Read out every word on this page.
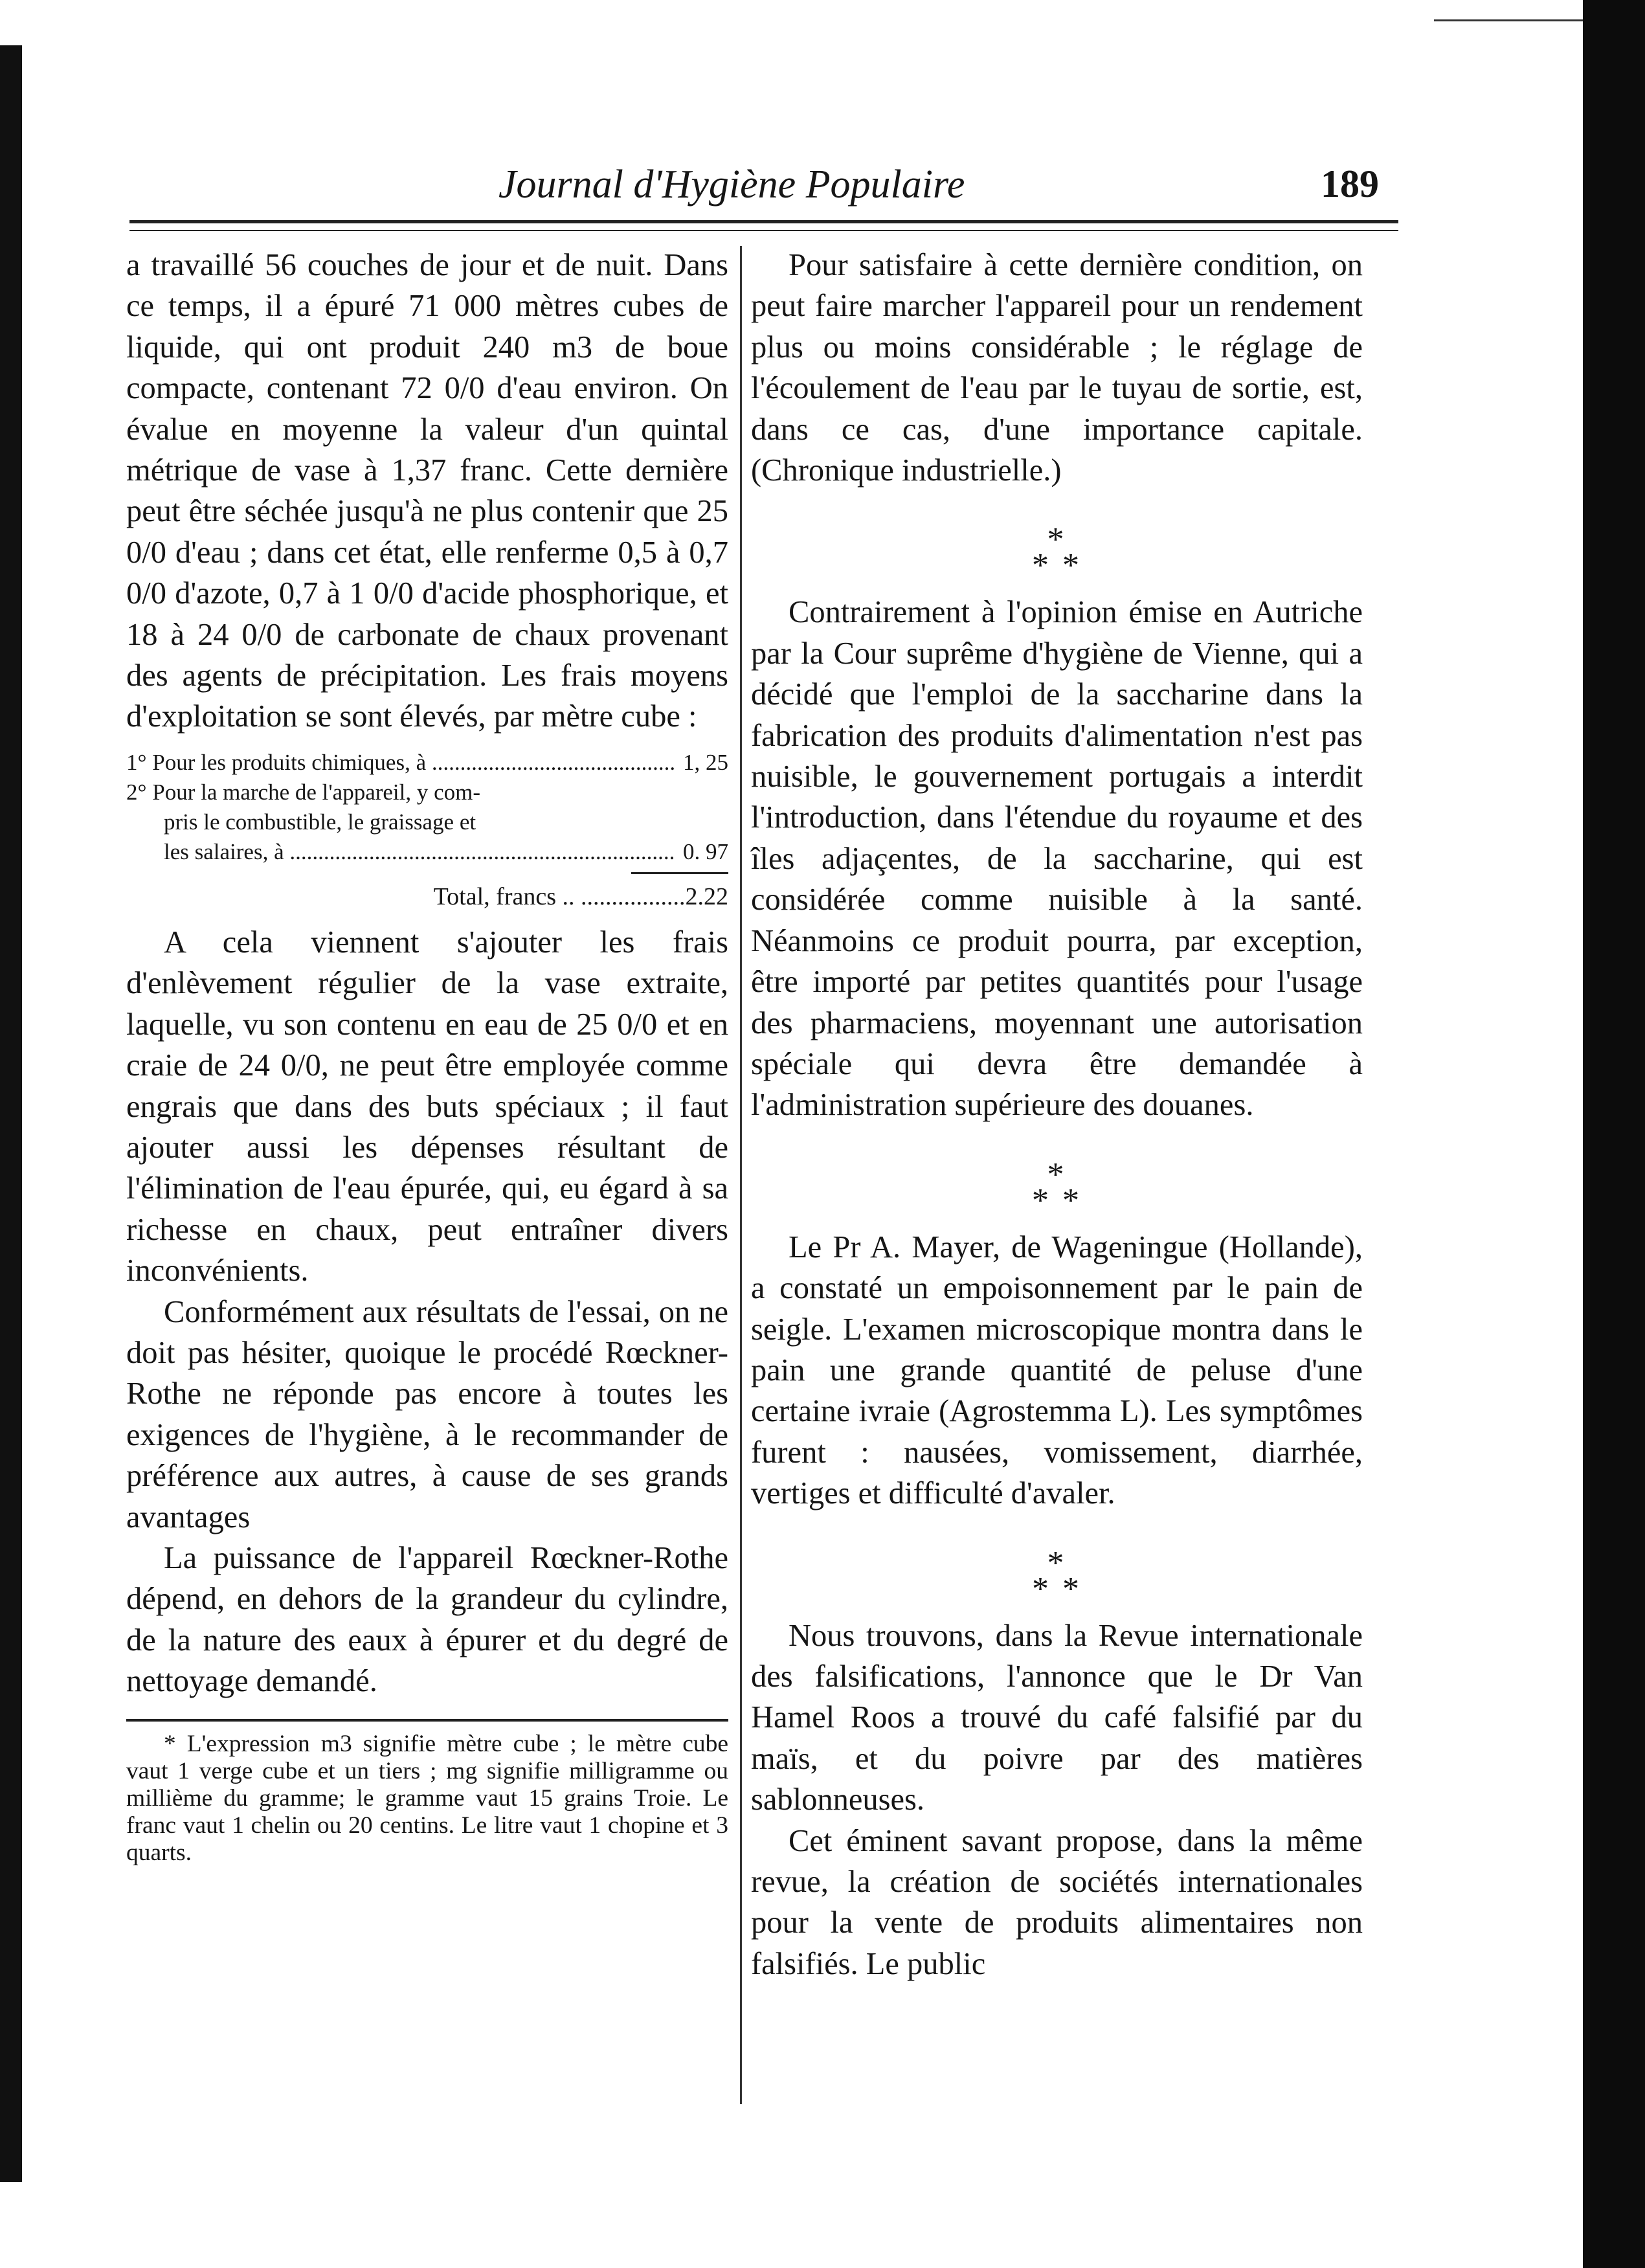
Journal d'Hygiène Populaire	189

a travaillé 56 couches de jour et de nuit. Dans ce temps, il a épuré 71 000 mètres cubes de liquide, qui ont produit 240 m3 de boue compacte, contenant 72 0/0 d'eau environ. On évalue en moyenne la valeur d'un quintal métrique de vase à 1,37 franc. Cette dernière peut être séchée jusqu'à ne plus contenir que 25 0/0 d'eau ; dans cet état, elle renferme 0,5 à 0,7 0/0 d'azote, 0,7 à 1 0/0 d'acide phosphorique, et 18 à 24 0/0 de carbonate de chaux provenant des agents de précipitation. Les frais moyens d'exploitation se sont élevés, par mètre cube :

1° Pour les produits chimiques, à .....	1, 25
2° Pour la marche de l'appareil, y com-
pris le combustible, le graissage et
les salaires, à .....	0. 97
Total, francs .. .................2.22

A cela viennent s'ajouter les frais d'enlèvement régulier de la vase extraite, laquelle, vu son contenu en eau de 25 0/0 et en craie de 24 0/0, ne peut être employée comme engrais que dans des buts spéciaux ; il faut ajouter aussi les dépenses résultant de l'élimination de l'eau épurée, qui, eu égard à sa richesse en chaux, peut entraîner divers inconvénients.

Conformément aux résultats de l'essai, on ne doit pas hésiter, quoique le procédé Rœckner-Rothe ne réponde pas encore à toutes les exigences de l'hygiène, à le recommander de préférence aux autres, à cause de ses grands avantages

La puissance de l'appareil Rœckner-Rothe dépend, en dehors de la grandeur du cylindre, de la nature des eaux à épurer et du degré de nettoyage demandé.

* L'expression m3 signifie mètre cube ; le mètre cube vaut 1 verge cube et un tiers ; mg signifie milligramme ou millième du gramme; le gramme vaut 15 grains Troie. Le franc vaut 1 chelin ou 20 centins. Le litre vaut 1 chopine et 3 quarts.

Pour satisfaire à cette dernière condition, on peut faire marcher l'appareil pour un rendement plus ou moins considérable ; le réglage de l'écoulement de l'eau par le tuyau de sortie, est, dans ce cas, d'une importance capitale. (Chronique industrielle.)

*
* *

Contrairement à l'opinion émise en Autriche par la Cour suprême d'hygiène de Vienne, qui a décidé que l'emploi de la saccharine dans la fabrication des produits d'alimentation n'est pas nuisible, le gouvernement portugais a interdit l'introduction, dans l'étendue du royaume et des îles adjaçentes, de la saccharine, qui est considérée comme nuisible à la santé. Néanmoins ce produit pourra, par exception, être importé par petites quantités pour l'usage des pharmaciens, moyennant une autorisation spéciale qui devra être demandée à l'administration supérieure des douanes.

*
* *

Le Pr A. Mayer, de Wageningue (Hollande), a constaté un empoisonnement par le pain de seigle. L'examen microscopique montra dans le pain une grande quantité de peluse d'une certaine ivraie (Agrostemma L). Les symptômes furent : nausées, vomissement, diarrhée, vertiges et difficulté d'avaler.

*
* *

Nous trouvons, dans la Revue internationale des falsifications, l'annonce que le Dr Van Hamel Roos a trouvé du café falsifié par du maïs, et du poivre par des matières sablonneuses.

Cet éminent savant propose, dans la même revue, la création de sociétés internationales pour la vente de produits alimentaires non falsifiés. Le public
